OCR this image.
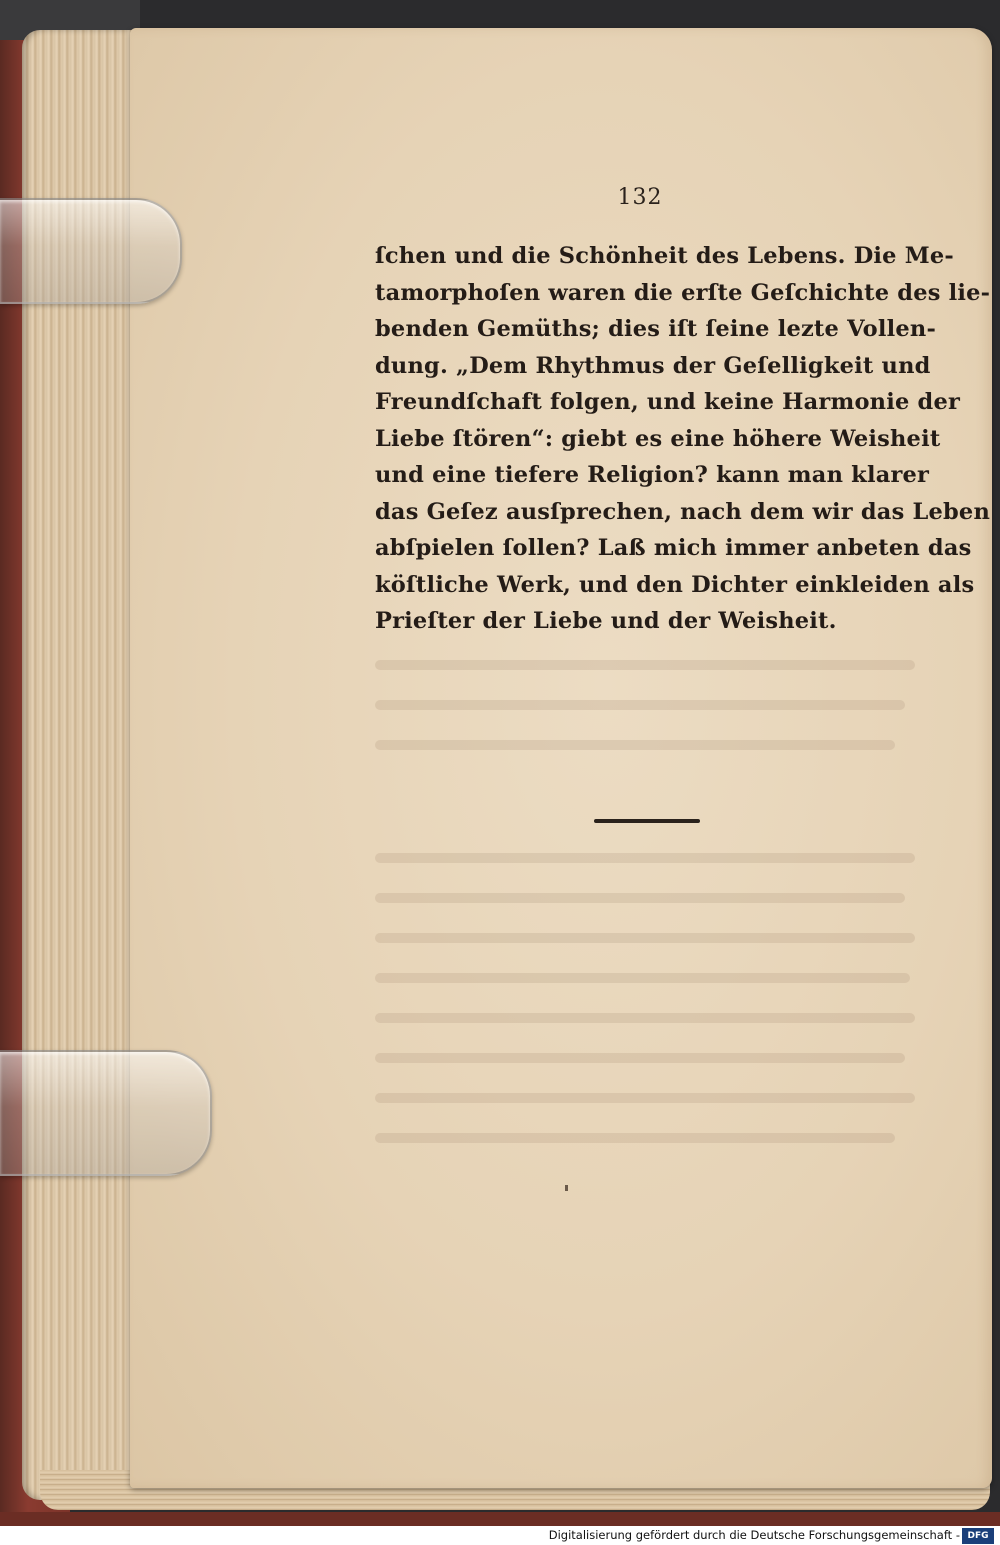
132
ſchen und die Schönheit des Lebens. Die Me-
tamorphoſen waren die erſte Geſchichte des lie-
benden Gemüths; dies iſt ſeine lezte Vollen-
dung. „Dem Rhythmus der Geſelligkeit und
Freundſchaft folgen, und keine Harmonie der
Liebe ſtören“: giebt es eine höhere Weisheit
und eine tiefere Religion? kann man klarer
das Geſez ausſprechen, nach dem wir das Leben
abſpielen ſollen? Laß mich immer anbeten das
köſtliche Werk, und den Dichter einkleiden als
Prieſter der Liebe und der Weisheit.
Digitalisierung gefördert durch die Deutsche Forschungsgemeinschaft - DFG
